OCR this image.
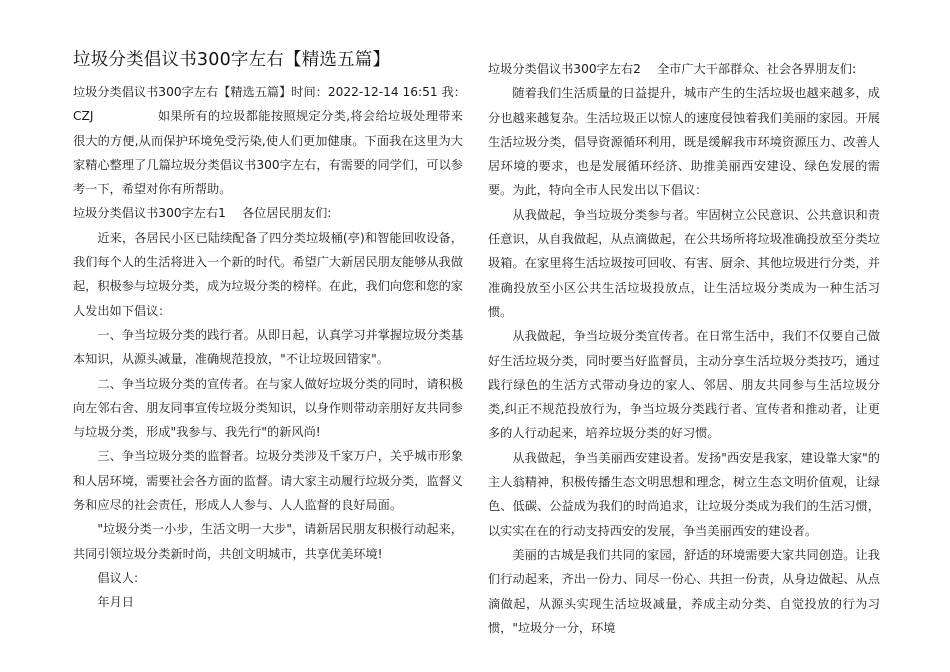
垃圾分类倡议书300字左右【精选五篇】
垃圾分类倡议书300字左右【精选五篇】 时间：2022-12-14 16:51 我：

CZJ	如果所有的垃圾都能按照规定分类,将会给垃圾处理带来很大的方便,从而保护环境免受污染,使人们更加健康。下面我在这里为大家精心整理了几篇垃圾分类倡议书300字左右，有需要的同学们，可以参考一下，希望对你有所帮助。

垃圾分类倡议书300字左右1　 各位居民朋友们:

近来，各居民小区已陆续配备了四分类垃圾桶(亭)和智能回收设备，我们每个人的生活将进入一个新的时代。希望广大新居民朋友能够从我做起，积极参与垃圾分类，成为垃圾分类的榜样。在此，我们向您和您的家人发出如下倡议：

一、争当垃圾分类的践行者。从即日起，认真学习并掌握垃圾分类基本知识，从源头减量，准确规范投放，"不让垃圾回错家"。

二、争当垃圾分类的宣传者。在与家人做好垃圾分类的同时，请积极向左邻右舍、朋友同事宣传垃圾分类知识，以身作则带动亲朋好友共同参与垃圾分类，形成"我参与、我先行"的新风尚!

三、争当垃圾分类的监督者。垃圾分类涉及千家万户，关乎城市形象和人居环境，需要社会各方面的监督。请大家主动履行垃圾分类，监督义务和应尽的社会责任，形成人人参与、人人监督的良好局面。

"垃圾分类一小步，生活文明一大步"，请新居民朋友积极行动起来，共同引领垃圾分类新时尚，共创文明城市，共享优美环境!

倡议人:

年月日

垃圾分类倡议书300字左右2　 全市广大干部群众、社会各界朋友们:

随着我们生活质量的日益提升，城市产生的生活垃圾也越来越多，成分也越来越复杂。生活垃圾正以惊人的速度侵蚀着我们美丽的家园。开展生活垃圾分类，倡导资源循环利用，既是缓解我市环境资源压力、改善人居环境的要求，也是发展循环经济、助推美丽西安建设、绿色发展的需要。为此，特向全市人民发出以下倡议：

从我做起，争当垃圾分类参与者。牢固树立公民意识、公共意识和责任意识，从自我做起，从点滴做起，在公共场所将垃圾准确投放至分类垃圾箱。在家里将生活垃圾按可回收、有害、厨余、其他垃圾进行分类，并准确投放至小区公共生活垃圾投放点，让生活垃圾分类成为一种生活习惯。

从我做起，争当垃圾分类宣传者。在日常生活中，我们不仅要自己做好生活垃圾分类，同时要当好监督员，主动分享生活垃圾分类技巧，通过践行绿色的生活方式带动身边的家人、邻居、朋友共同参与生活垃圾分类,纠正不规范投放行为，争当垃圾分类践行者、宣传者和推动者，让更多的人行动起来，培养垃圾分类的好习惯。

从我做起，争当美丽西安建设者。发扬"西安是我家，建设靠大家"的主人翁精神，积极传播生态文明思想和理念，树立生态文明价值观，让绿色、低碳、公益成为我们的时尚追求，让垃圾分类成为我们的生活习惯，以实实在在的行动支持西安的发展，争当美丽西安的建设者。

美丽的古城是我们共同的家园，舒适的环境需要大家共同创造。让我们行动起来，齐出一份力、同尽一份心、共担一份责，从身边做起、从点滴做起，从源头实现生活垃圾减量，养成主动分类、自觉投放的行为习惯，"垃圾分一分，环境
